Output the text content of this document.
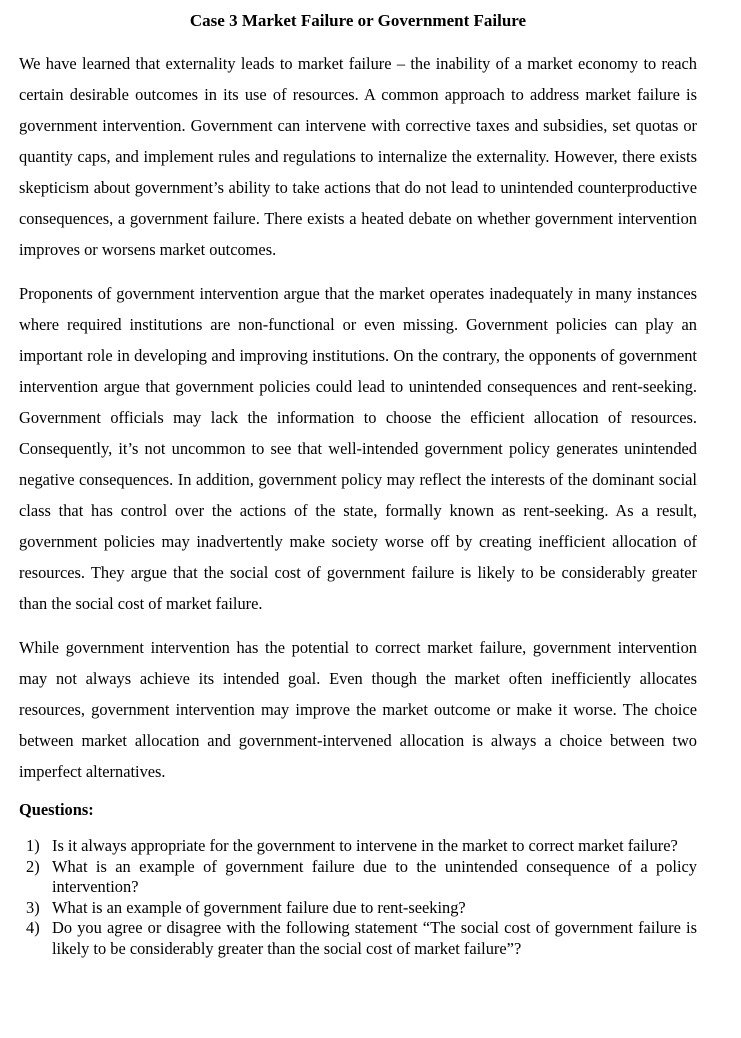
Case 3 Market Failure or Government Failure

We have learned that externality leads to market failure – the inability of a market economy to reach certain desirable outcomes in its use of resources. A common approach to address market failure is government intervention. Government can intervene with corrective taxes and subsidies, set quotas or quantity caps, and implement rules and regulations to internalize the externality. However, there exists skepticism about government’s ability to take actions that do not lead to unintended counterproductive consequences, a government failure. There exists a heated debate on whether government intervention improves or worsens market outcomes.

Proponents of government intervention argue that the market operates inadequately in many instances where required institutions are non-functional or even missing. Government policies can play an important role in developing and improving institutions. On the contrary, the opponents of government intervention argue that government policies could lead to unintended consequences and rent-seeking. Government officials may lack the information to choose the efficient allocation of resources. Consequently, it’s not uncommon to see that well-intended government policy generates unintended negative consequences. In addition, government policy may reflect the interests of the dominant social class that has control over the actions of the state, formally known as rent-seeking. As a result, government policies may inadvertently make society worse off by creating inefficient allocation of resources. They argue that the social cost of government failure is likely to be considerably greater than the social cost of market failure.

While government intervention has the potential to correct market failure, government intervention may not always achieve its intended goal. Even though the market often inefficiently allocates resources, government intervention may improve the market outcome or make it worse. The choice between market allocation and government-intervened allocation is always a choice between two imperfect alternatives.

Questions:
1) Is it always appropriate for the government to intervene in the market to correct market failure?
2) What is an example of government failure due to the unintended consequence of a policy intervention?
3) What is an example of government failure due to rent-seeking?
4) Do you agree or disagree with the following statement “The social cost of government failure is likely to be considerably greater than the social cost of market failure”?
